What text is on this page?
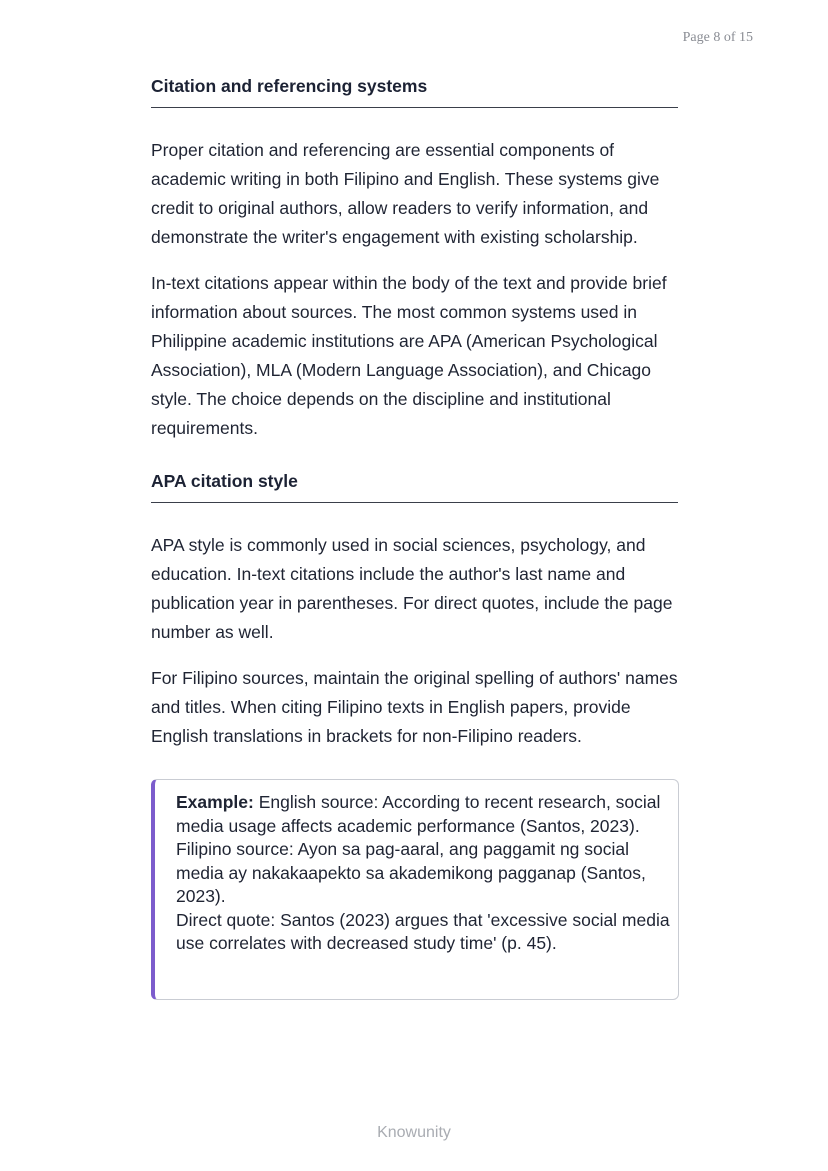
Page 8 of 15
Citation and referencing systems

Proper citation and referencing are essential components of academic writing in both Filipino and English. These systems give credit to original authors, allow readers to verify information, and demonstrate the writer's engagement with existing scholarship.

In-text citations appear within the body of the text and provide brief information about sources. The most common systems used in Philippine academic institutions are APA (American Psychological Association), MLA (Modern Language Association), and Chicago style. The choice depends on the discipline and institutional requirements.

APA citation style

APA style is commonly used in social sciences, psychology, and education. In-text citations include the author's last name and publication year in parentheses. For direct quotes, include the page number as well.

For Filipino sources, maintain the original spelling of authors' names and titles. When citing Filipino texts in English papers, provide English translations in brackets for non-Filipino readers.

Example: English source: According to recent research, social media usage affects academic performance (Santos, 2023).

Filipino source: Ayon sa pag-aaral, ang paggamit ng social media ay nakakaapekto sa akademikong pagganap (Santos, 2023).

Direct quote: Santos (2023) argues that 'excessive social media use correlates with decreased study time' (p. 45).

Knowunity
